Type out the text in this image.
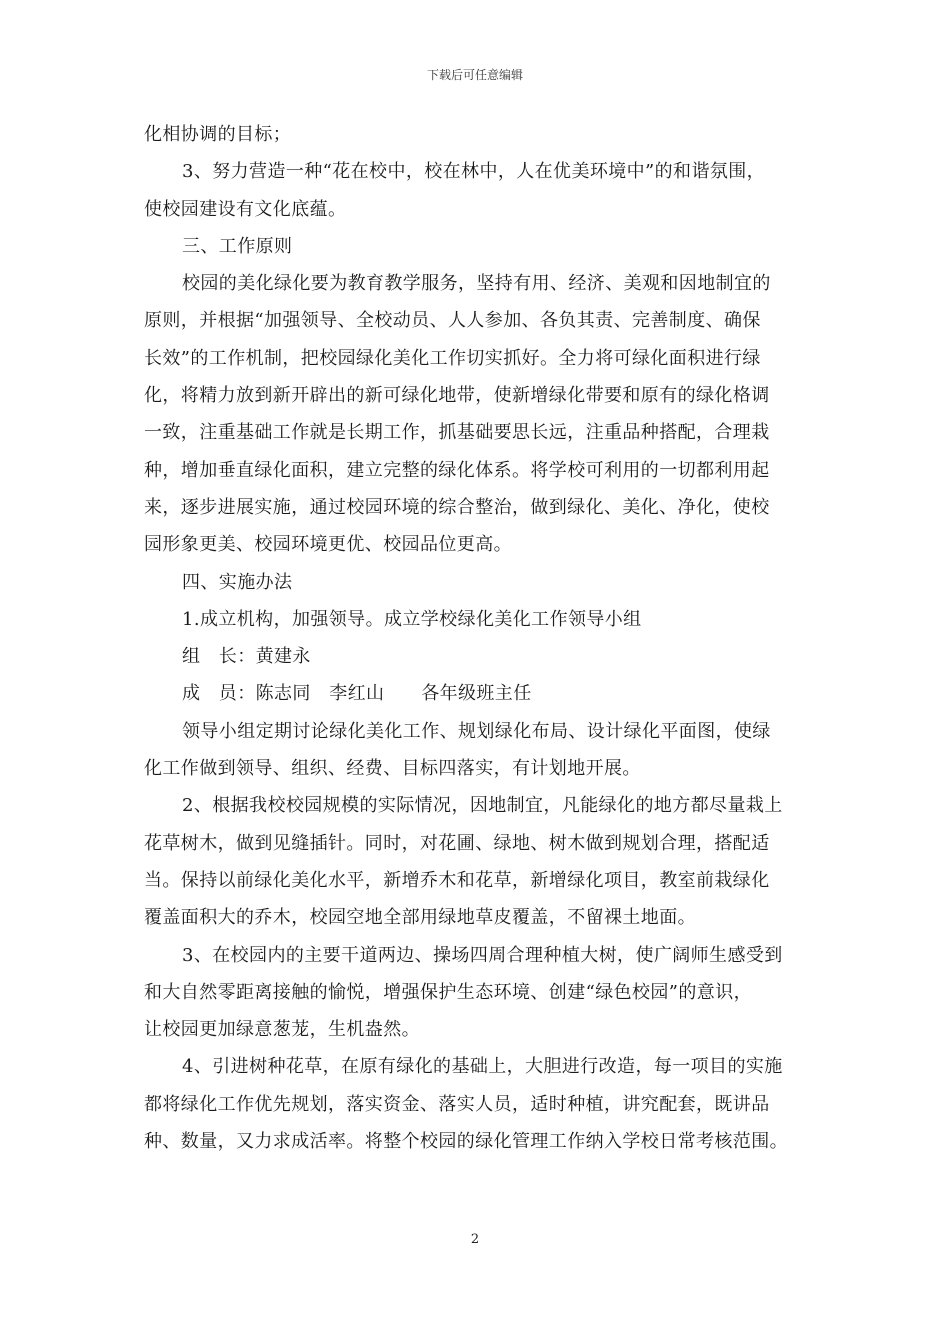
下载后可任意编辑
化相协调的目标；
3、努力营造一种“花在校中，校在林中，人在优美环境中”的和谐氛围，
使校园建设有文化底蕴。
三、工作原则
校园的美化绿化要为教育教学服务，坚持有用、经济、美观和因地制宜的
原则，并根据“加强领导、全校动员、人人参加、各负其责、完善制度、确保
长效”的工作机制，把校园绿化美化工作切实抓好。全力将可绿化面积进行绿
化，将精力放到新开辟出的新可绿化地带，使新增绿化带要和原有的绿化格调
一致，注重基础工作就是长期工作，抓基础要思长远，注重品种搭配，合理栽
种，增加垂直绿化面积，建立完整的绿化体系。将学校可利用的一切都利用起
来，逐步进展实施，通过校园环境的综合整治，做到绿化、美化、净化，使校
园形象更美、校园环境更优、校园品位更高。
四、实施办法
1.成立机构，加强领导。成立学校绿化美化工作领导小组
组　长：黄建永
成　员：陈志同　李红山　　各年级班主任
领导小组定期讨论绿化美化工作、规划绿化布局、设计绿化平面图，使绿
化工作做到领导、组织、经费、目标四落实，有计划地开展。
2、根据我校校园规模的实际情况，因地制宜，凡能绿化的地方都尽量栽上
花草树木，做到见缝插针。同时，对花圃、绿地、树木做到规划合理，搭配适
当。保持以前绿化美化水平，新增乔木和花草，新增绿化项目，教室前栽绿化
覆盖面积大的乔木，校园空地全部用绿地草皮覆盖，不留裸土地面。
3、在校园内的主要干道两边、操场四周合理种植大树，使广阔师生感受到
和大自然零距离接触的愉悦，增强保护生态环境、创建“绿色校园”的意识，
让校园更加绿意葱茏，生机盎然。
4、引进树种花草，在原有绿化的基础上，大胆进行改造，每一项目的实施
都将绿化工作优先规划，落实资金、落实人员，适时种植，讲究配套，既讲品
种、数量，又力求成活率。将整个校园的绿化管理工作纳入学校日常考核范围。
2
